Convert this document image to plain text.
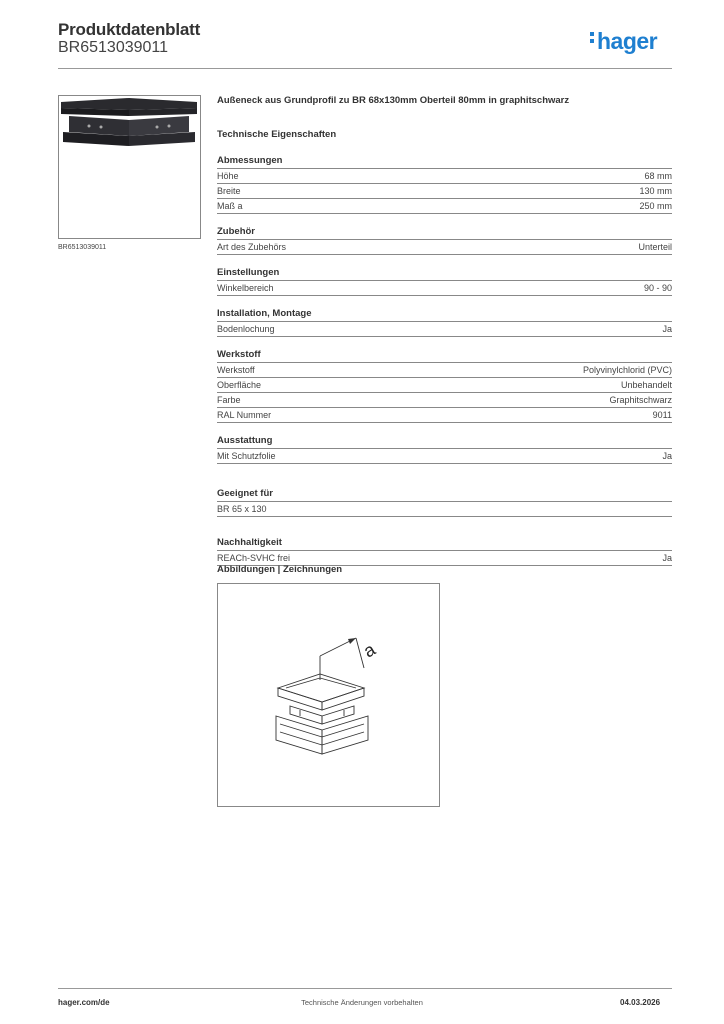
Produktdatenblatt
BR6513039011	hager
BR6513039011
Außeneck aus Grundprofil zu BR 68x130mm Oberteil 80mm in graphitschwarz
Technische Eigenschaften
Abmessungen
Höhe	68 mm
Breite	130 mm
Maß a	250 mm
Zubehör
Art des Zubehörs	Unterteil
Einstellungen
Winkelbereich	90 - 90
Installation, Montage
Bodenlochung	Ja
Werkstoff
Werkstoff	Polyvinylchlorid (PVC)
Oberfläche	Unbehandelt
Farbe	Graphitschwarz
RAL Nummer	9011
Ausstattung
Mit Schutzfolie	Ja
Geeignet für
BR 65 x 130
Nachhaltigkeit
REACh-SVHC frei	Ja
Abbildungen | Zeichnungen
a
hager.com/de	Technische Änderungen vorbehalten	04.03.2026
